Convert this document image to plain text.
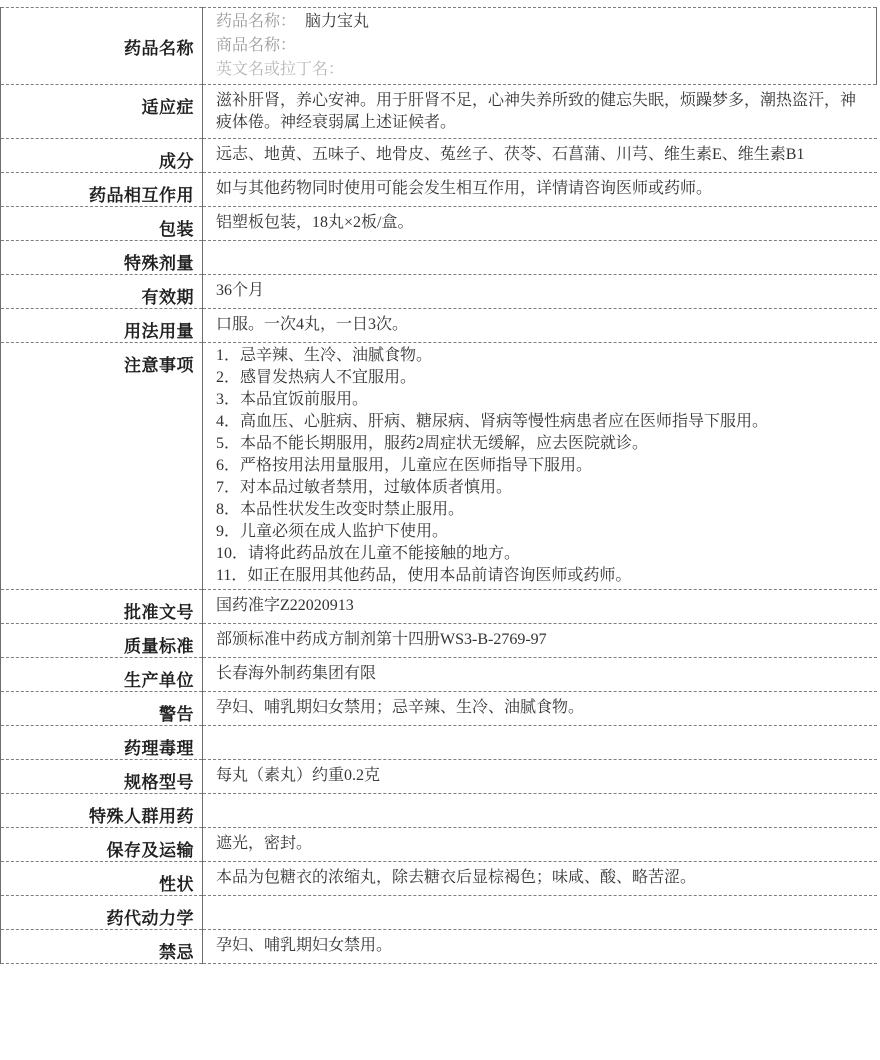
药品名称	药品名称： 脑力宝丸
商品名称：
英文名或拉丁名：

适应症	滋补肝肾，养心安神。用于肝肾不足，心神失养所致的健忘失眠，烦躁梦多，潮热盗汗，神疲体倦。神经衰弱属上述证候者。
成分	远志、地黄、五味子、地骨皮、菟丝子、茯苓、石菖蒲、川芎、维生素E、维生素B1
药品相互作用	如与其他药物同时使用可能会发生相互作用，详情请咨询医师或药师。
包装	铝塑板包装，18丸×2板/盒。
特殊剂量	
有效期	36个月
用法用量	口服。一次4丸，一日3次。
注意事项	
1．忌辛辣、生冷、油腻食物。
2．感冒发热病人不宜服用。
3．本品宜饭前服用。
4．高血压、心脏病、肝病、糖尿病、肾病等慢性病患者应在医师指导下服用。
5．本品不能长期服用，服药2周症状无缓解，应去医院就诊。
6．严格按用法用量服用，儿童应在医师指导下服用。
7．对本品过敏者禁用，过敏体质者慎用。
8．本品性状发生改变时禁止服用。
9．儿童必须在成人监护下使用。
10．请将此药品放在儿童不能接触的地方。
11．如正在服用其他药品，使用本品前请咨询医师或药师。

批准文号	国药准字Z22020913
质量标准	部颁标准中药成方制剂第十四册WS3-B-2769-97
生产单位	长春海外制药集团有限
警告	孕妇、哺乳期妇女禁用；忌辛辣、生冷、油腻食物。
药理毒理	
规格型号	每丸（素丸）约重0.2克
特殊人群用药	
保存及运输	遮光，密封。
性状	本品为包糖衣的浓缩丸，除去糖衣后显棕褐色；味咸、酸、略苦涩。
药代动力学	
禁忌	孕妇、哺乳期妇女禁用。
